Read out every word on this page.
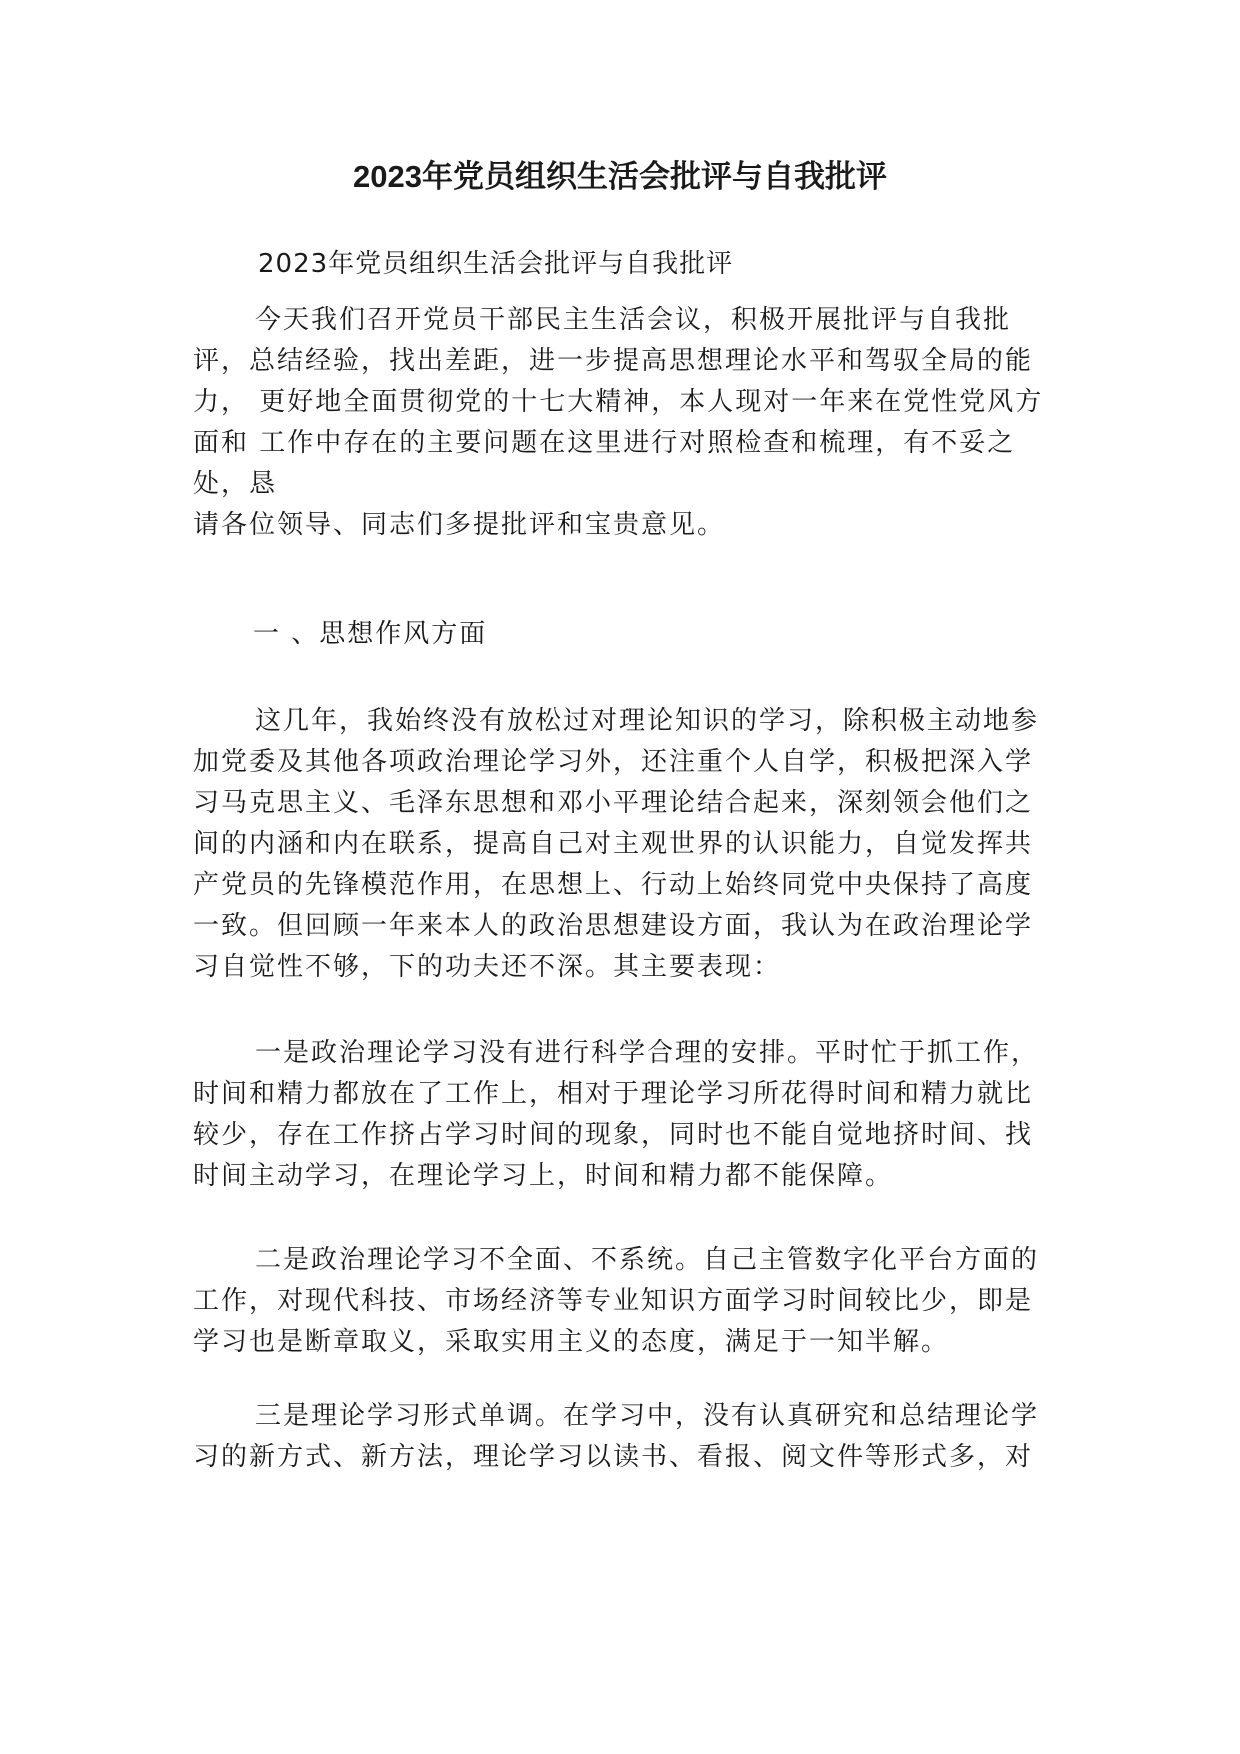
2023年党员组织生活会批评与自我批评
2023年党员组织生活会批评与自我批评
今天我们召开党员干部民主生活会议，积极开展批评与自我批
评，总结经验，找出差距，进一步提高思想理论水平和驾驭全局的能
力， 更好地全面贯彻党的十七大精神，本人现对一年来在党性党风方
面和 工作中存在的主要问题在这里进行对照检查和梳理，有不妥之
处，恳
请各位领导、同志们多提批评和宝贵意见。
一 、思想作风方面
这几年，我始终没有放松过对理论知识的学习，除积极主动地参
加党委及其他各项政治理论学习外，还注重个人自学，积极把深入学
习马克思主义、毛泽东思想和邓小平理论结合起来，深刻领会他们之
间的内涵和内在联系，提高自己对主观世界的认识能力，自觉发挥共
产党员的先锋模范作用，在思想上、行动上始终同党中央保持了高度
一致。但回顾一年来本人的政治思想建设方面，我认为在政治理论学
习自觉性不够，下的功夫还不深。其主要表现：
一是政治理论学习没有进行科学合理的安排。平时忙于抓工作，
时间和精力都放在了工作上，相对于理论学习所花得时间和精力就比
较少，存在工作挤占学习时间的现象，同时也不能自觉地挤时间、找
时间主动学习，在理论学习上，时间和精力都不能保障。
二是政治理论学习不全面、不系统。自己主管数字化平台方面的
工作，对现代科技、市场经济等专业知识方面学习时间较比少，即是
学习也是断章取义，采取实用主义的态度，满足于一知半解。
三是理论学习形式单调。在学习中，没有认真研究和总结理论学
习的新方式、新方法，理论学习以读书、看报、阅文件等形式多，对
